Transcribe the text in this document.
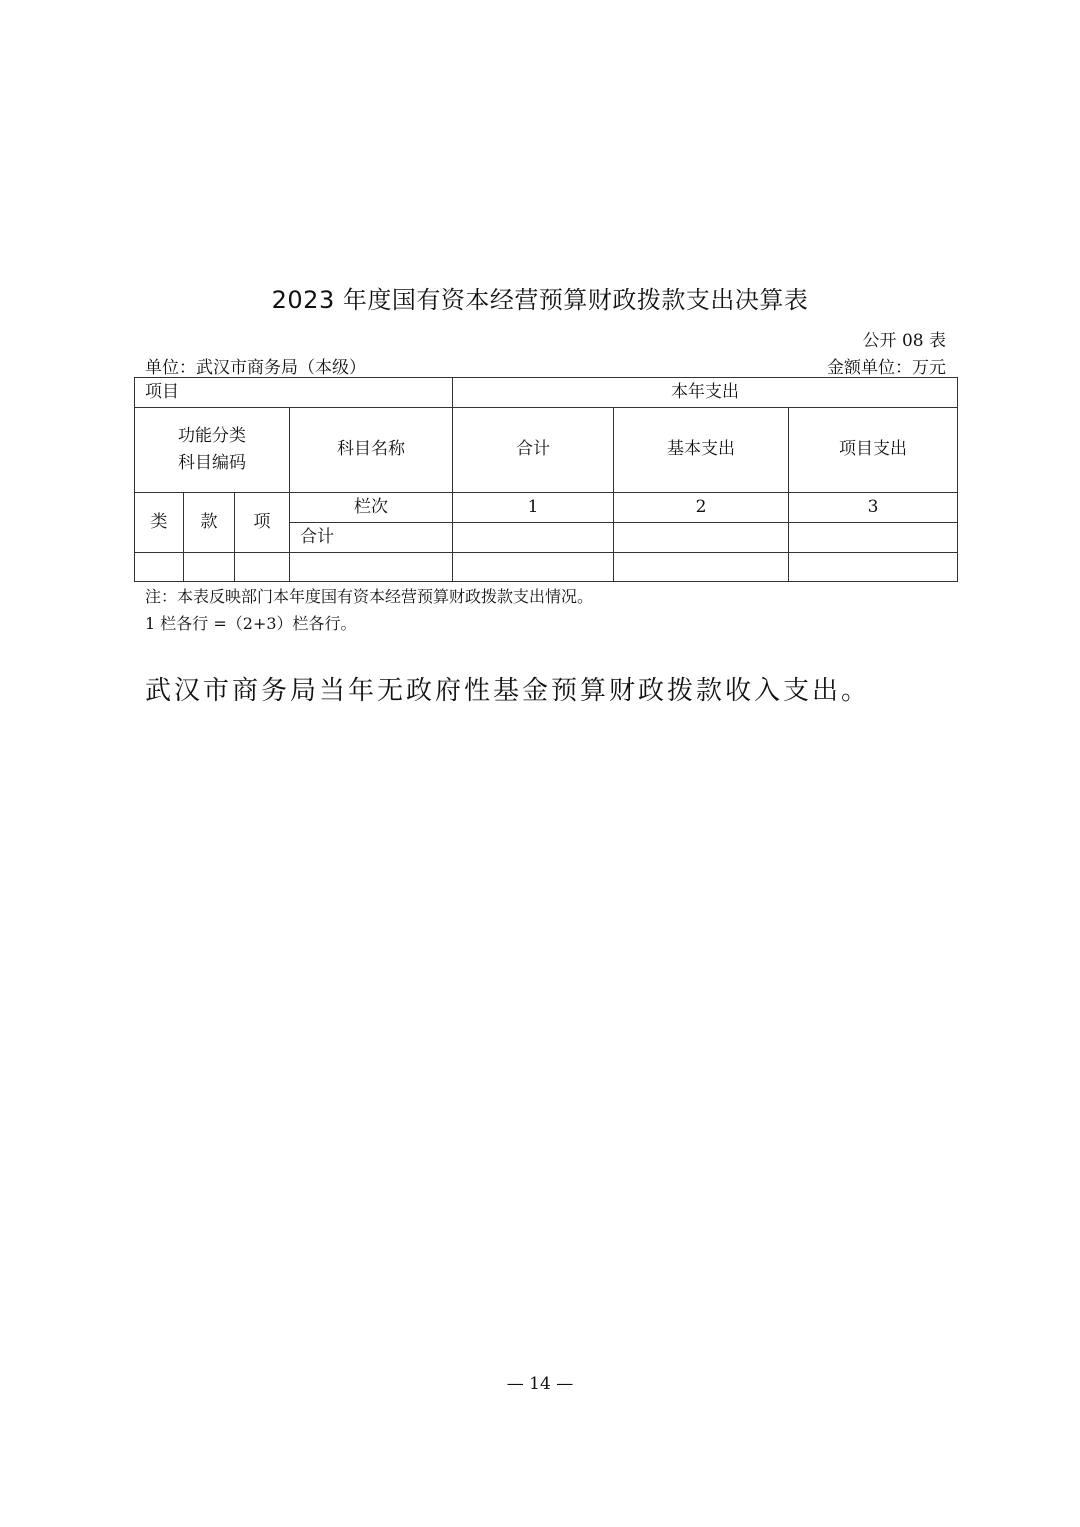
2023 年度国有资本经营预算财政拨款支出决算表
公开 08 表
单位：武汉市商务局（本级）	金额单位：万元
项目				本年支出		

功能分类
科目编码			科目名称	合计	基本支出	项目支出
类	款	项	栏次	1	2	3
			合计			

注：本表反映部门本年度国有资本经营预算财政拨款支出情况。
1 栏各行 =（2+3）栏各行。
武汉市商务局当年无政府性基金预算财政拨款收入支出。
— 14 —
